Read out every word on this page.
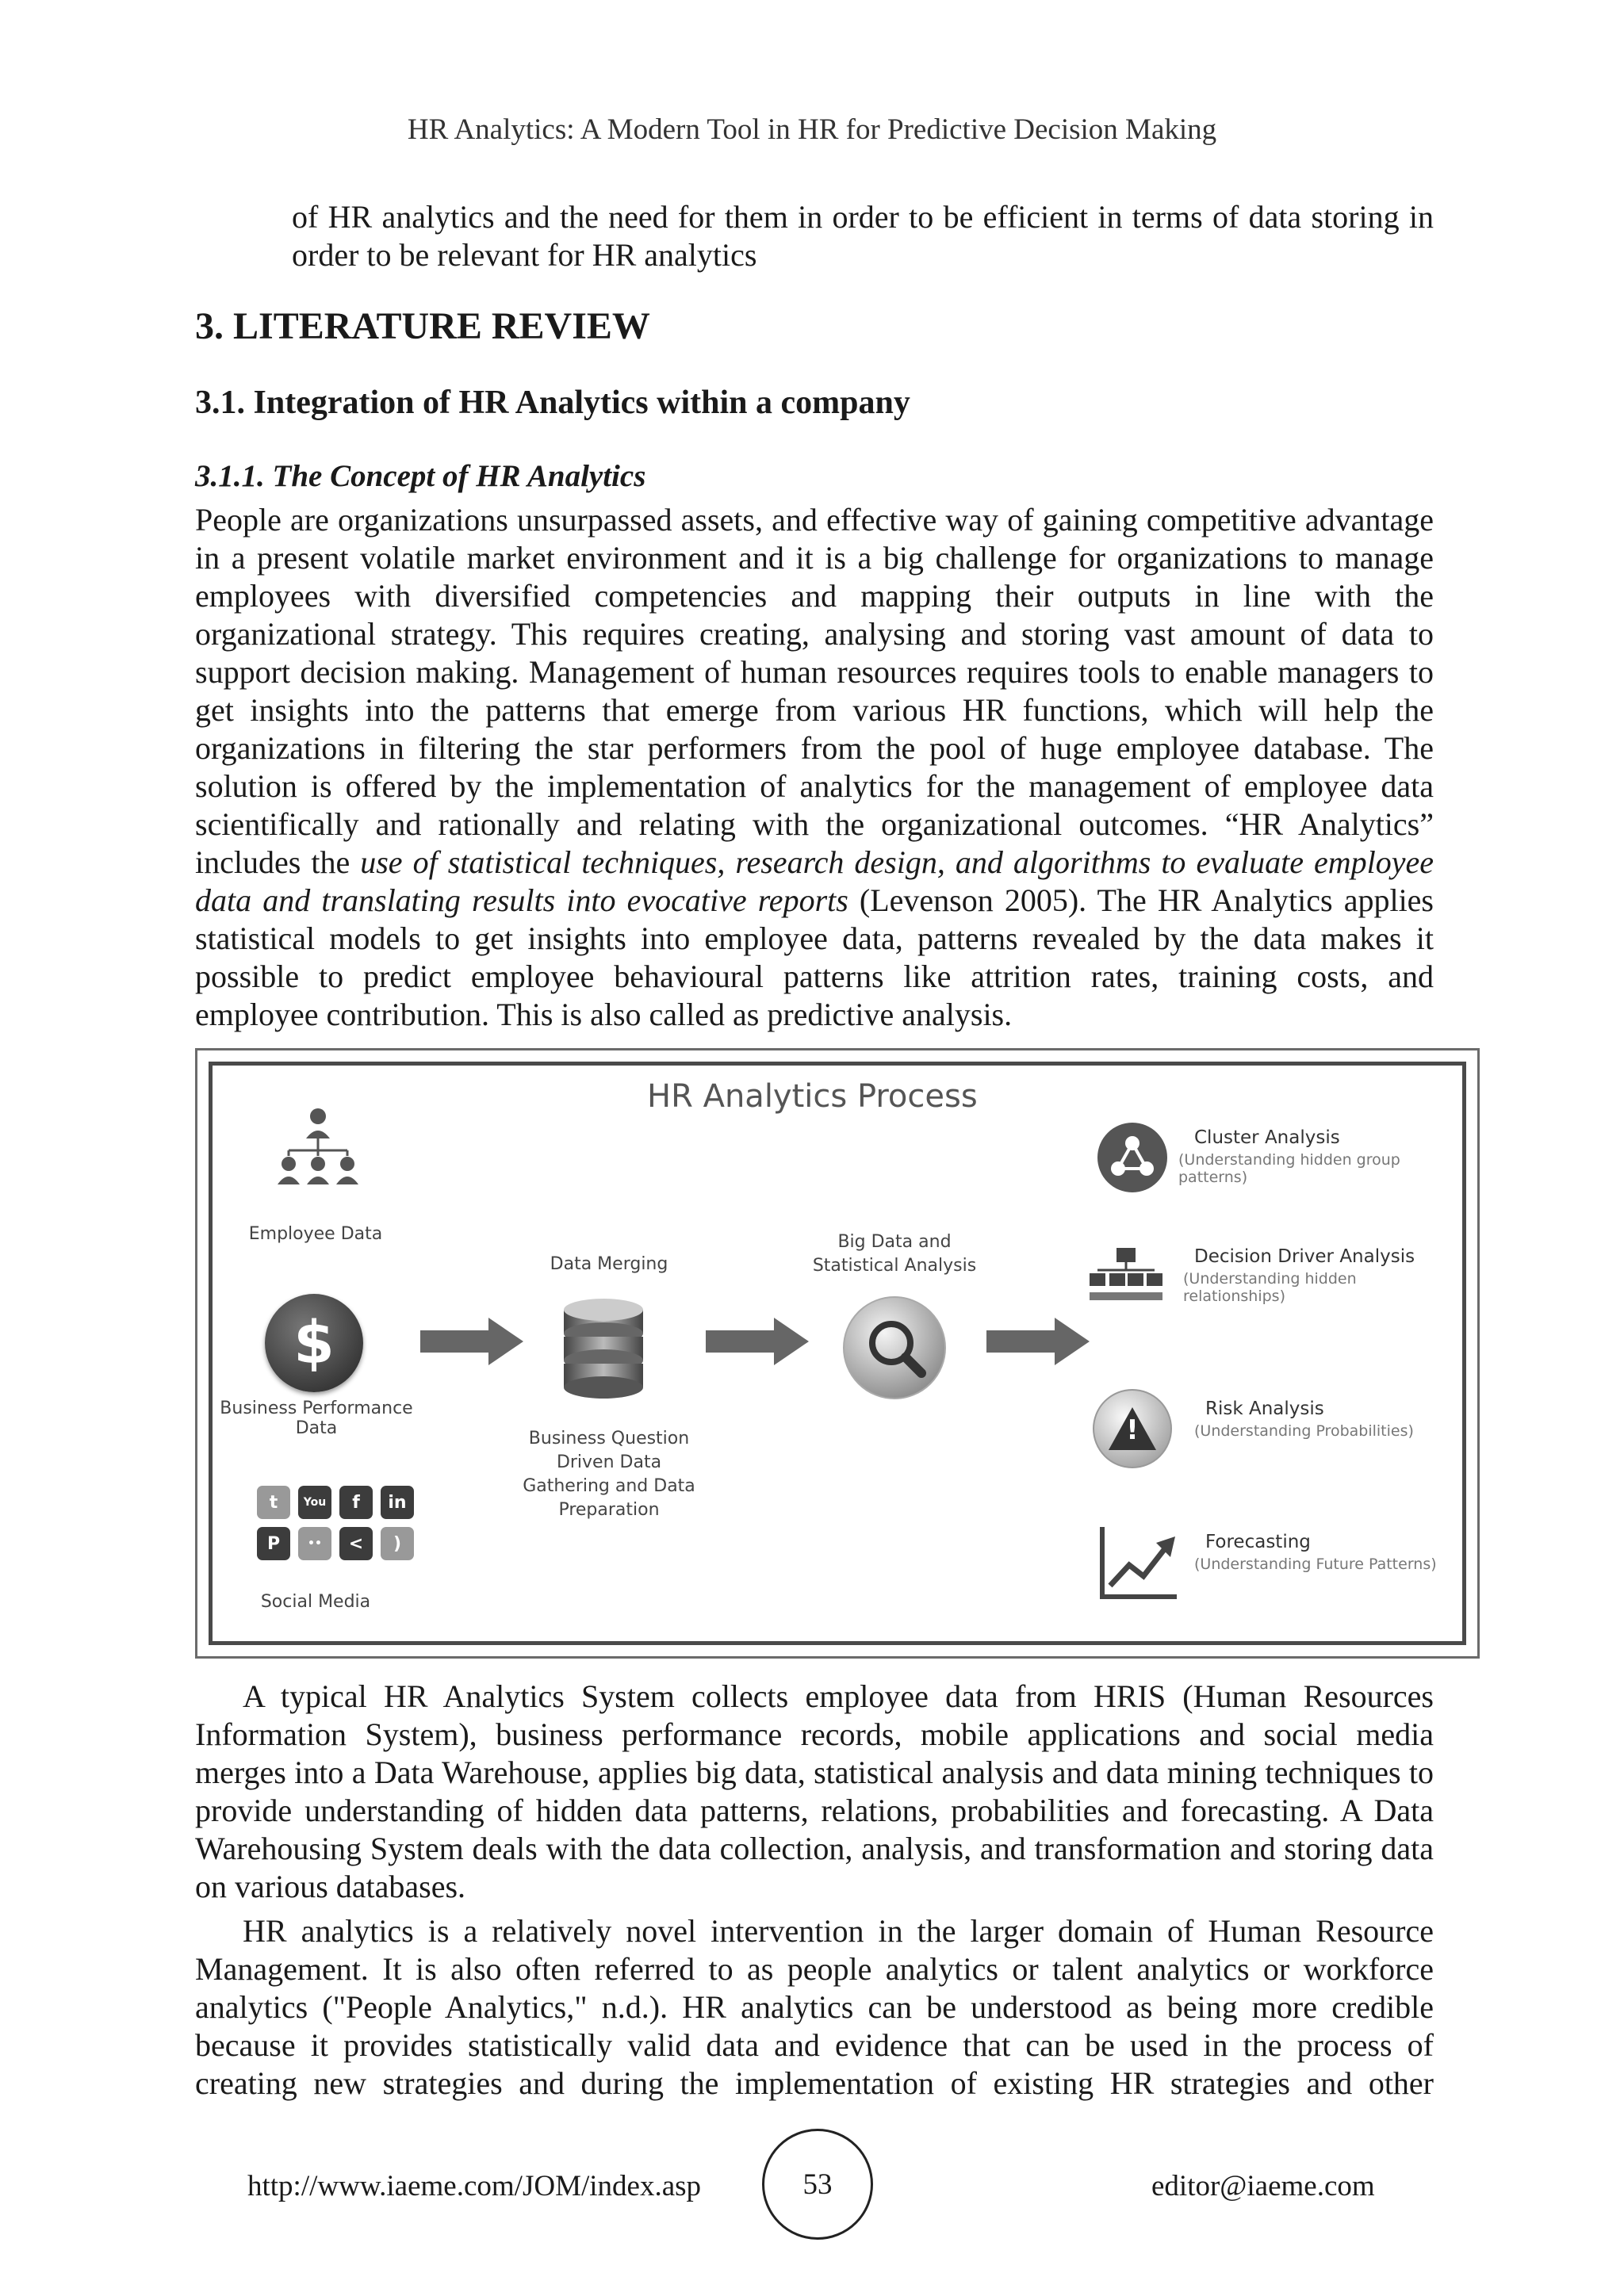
HR Analytics: A Modern Tool in HR for Predictive Decision Making
of HR analytics and the need for them in order to be efficient in terms of data storing in order to be relevant for HR analytics
3. LITERATURE REVIEW
3.1. Integration of HR Analytics within a company
3.1.1. The Concept of HR Analytics
People are organizations unsurpassed assets, and effective way of gaining competitive advantage in a present volatile market environment and it is a big challenge for organizations to manage employees with diversified competencies and mapping their outputs in line with the organizational strategy. This requires creating, analysing and storing vast amount of data to support decision making. Management of human resources requires tools to enable managers to get insights into the patterns that emerge from various HR functions, which will help the organizations in filtering the star performers from the pool of huge employee database. The solution is offered by the implementation of analytics for the management of employee data scientifically and rationally and relating with the organizational outcomes. “HR Analytics” includes the use of statistical techniques, research design, and algorithms to evaluate employee data and translating results into evocative reports (Levenson 2005). The HR Analytics applies statistical models to get insights into employee data, patterns revealed by the data makes it possible to predict employee behavioural patterns like attrition rates, training costs, and employee contribution. This is also called as predictive analysis.
HR Analytics Process
Employee Data
$
Business Performance
Data
t	You	f	in
P	••	<	)
Social Media
Data Merging
Business Question
Driven Data
Gathering and Data
Preparation
Big Data and
Statistical Analysis
Cluster Analysis
(Understanding hidden group patterns)
Decision Driver Analysis
(Understanding hidden relationships)
!
Risk Analysis
(Understanding Probabilities)
Forecasting
(Understanding Future Patterns)
A typical HR Analytics System collects employee data from HRIS (Human Resources Information System), business performance records, mobile applications and social media merges into a Data Warehouse, applies big data, statistical analysis and data mining techniques to provide understanding of hidden data patterns, relations, probabilities and forecasting. A Data Warehousing System deals with the data collection, analysis, and transformation and storing data on various databases.
HR analytics is a relatively novel intervention in the larger domain of Human Resource Management. It is also often referred to as people analytics or talent analytics or workforce analytics ("People Analytics," n.d.). HR analytics can be understood as being more credible because it provides statistically valid data and evidence that can be used in the process of creating new strategies and during the implementation of existing HR strategies and other
http://www.iaeme.com/JOM/index.asp	53	editor@iaeme.com
